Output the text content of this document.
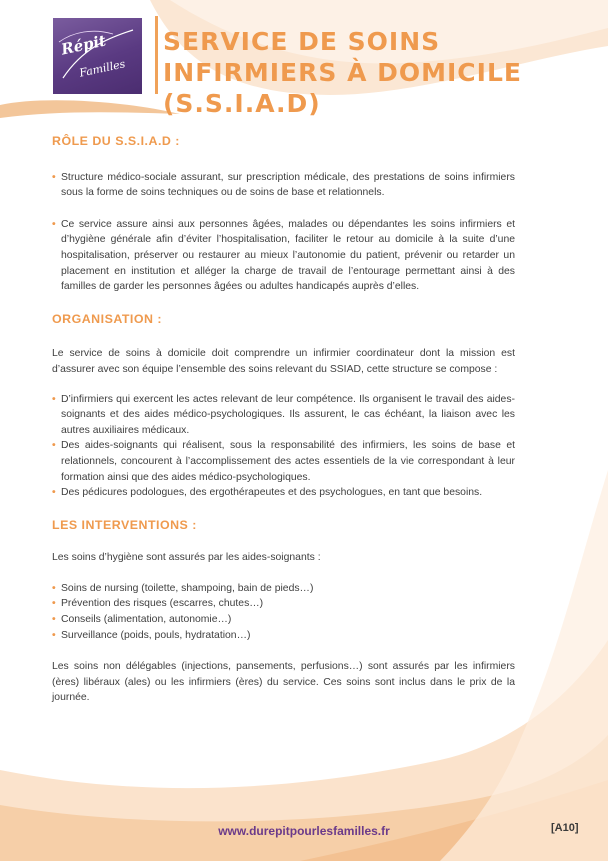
Répit
Familles
SERVICE DE SOINS INFIRMIERS À DOMICILE (S.S.I.A.D)
RÔLE DU S.S.I.A.D :
• Structure médico-sociale assurant, sur prescription médicale, des prestations de soins infirmiers sous la forme de soins techniques ou de soins de base et relationnels.
• Ce service assure ainsi aux personnes âgées, malades ou dépendantes les soins infirmiers et d’hygiène générale afin d’éviter l’hospitalisation, faciliter le retour au domicile à la suite d’une hospitalisation, préserver ou restaurer au mieux l’autonomie du patient, prévenir ou retarder un placement en institution et alléger la charge de travail de l’entourage permettant ainsi à des familles de garder les personnes âgées ou adultes handicapés auprès d’elles.
ORGANISATION :

Le service de soins à domicile doit comprendre un infirmier coordinateur dont la mission est d’assurer avec son équipe l’ensemble des soins relevant du SSIAD, cette structure se compose :

• D’infirmiers qui exercent les actes relevant de leur compétence. Ils organisent le travail des aides-soignants et des aides médico-psychologiques. Ils assurent, le cas échéant, la liaison avec les autres auxiliaires médicaux.
• Des aides-soignants qui réalisent, sous la responsabilité des infirmiers, les soins de base et relationnels, concourent à l’accomplissement des actes essentiels de la vie correspondant à leur formation ainsi que des aides médico-psychologiques.
• Des pédicures podologues, des ergothérapeutes et des psychologues, en tant que besoins.
LES INTERVENTIONS :

Les soins d’hygiène sont assurés par les aides-soignants :

• Soins de nursing (toilette, shampoing, bain de pieds…)
• Prévention des risques (escarres, chutes…)
• Conseils (alimentation, autonomie…)
• Surveillance (poids, pouls, hydratation…)

Les soins non délégables (injections, pansements, perfusions…) sont assurés par les infirmiers (ères) libéraux (ales) ou les infirmiers (ères) du service. Ces soins sont inclus dans le prix de la journée.

www.durepitpourlesfamilles.fr	[A10]
